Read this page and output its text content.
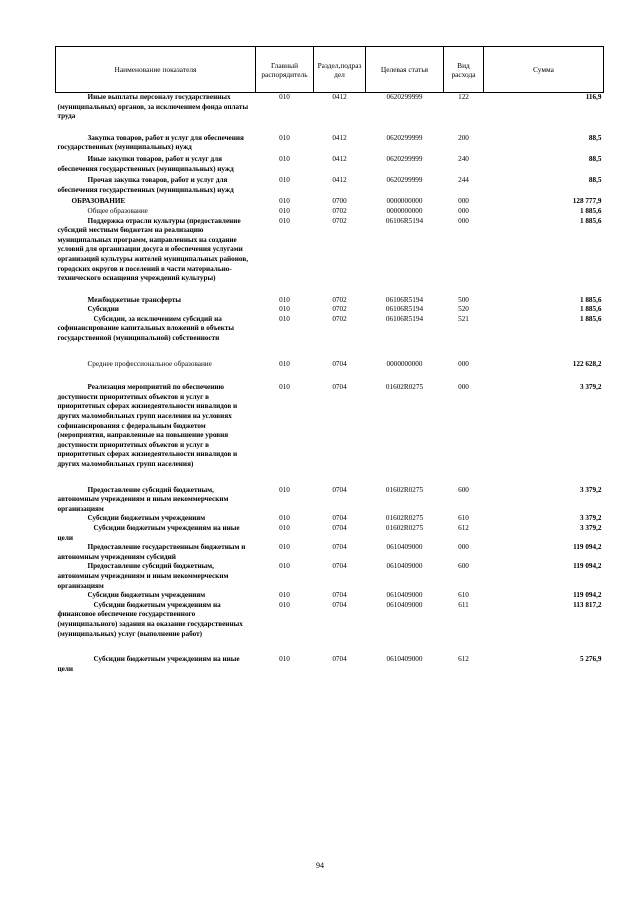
Наименование показателя	Главный распорядитель	Раздел,подраз дел	Целевая статья	Вид расхода	Сумма
Иные выплаты персоналу государственных (муниципальных) органов, за исключением фонда оплаты труда	010	0412	0620299999	122	116,9
Закупка товаров, работ и услуг для обеспечения государственных (муниципальных) нужд	010	0412	0620299999	200	88,5
Иные закупки товаров, работ и услуг для обеспечения государственных (муниципальных) нужд	010	0412	0620299999	240	88,5
Прочая закупка товаров, работ и услуг для обеспечения государственных (муниципальных) нужд	010	0412	0620299999	244	88,5
ОБРАЗОВАНИЕ	010	0700	0000000000	000	128 777,9
Общее образование	010	0702	0000000000	000	1 885,6
Поддержка отрасли культуры (предоставление субсидий местным бюджетам на реализацию муниципальных программ, направленных на создание условий для организации досуга и обеспечения услугами организаций культуры жителей муниципальных районов, городских округов и поселений в части материально-технического оснащения учреждений культуры)	010	0702	06106R5194	000	1 885,6
Межбюджетные трансферты	010	0702	06106R5194	500	1 885,6
Субсидии	010	0702	06106R5194	520	1 885,6
Субсидии, за исключением субсидий на софинансирование капитальных вложений в объекты государственной (муниципальной) собственности	010	0702	06106R5194	521	1 885,6
Среднее профессиональное образование	010	0704	0000000000	000	122 628,2
Реализация мероприятий по обеспечению доступности приоритетных объектов и услуг в приоритетных сферах жизнедеятельности инвалидов и других маломобильных групп населения на условиях софинансирования с федеральным бюджетом (мероприятия, направленные на повышение уровня доступности приоритетных объектов и услуг в приоритетных сферах жизнедеятельности инвалидов и других маломобильных групп населения)	010	0704	01602R0275	000	3 379,2
Предоставление субсидий бюджетным, автономным учреждениям и иным некоммерческим организациям	010	0704	01602R0275	600	3 379,2
Субсидии бюджетным учреждениям	010	0704	01602R0275	610	3 379,2
Субсидии бюджетным учреждениям на иные цели	010	0704	01602R0275	612	3 379,2
Предоставление государственным бюджетным и автономным учреждениям субсидий	010	0704	0610409000	000	119 094,2
Предоставление субсидий бюджетным, автономным учреждениям и иным некоммерческим организациям	010	0704	0610409000	600	119 094,2
Субсидии бюджетным учреждениям	010	0704	0610409000	610	119 094,2
Субсидии бюджетным учреждениям на финансовое обеспечение государственного (муниципального) задания на оказание государственных (муниципальных) услуг (выполнение работ)	010	0704	0610409000	611	113 817,2
Субсидии бюджетным учреждениям на иные цели	010	0704	0610409000	612	5 276,9
94
